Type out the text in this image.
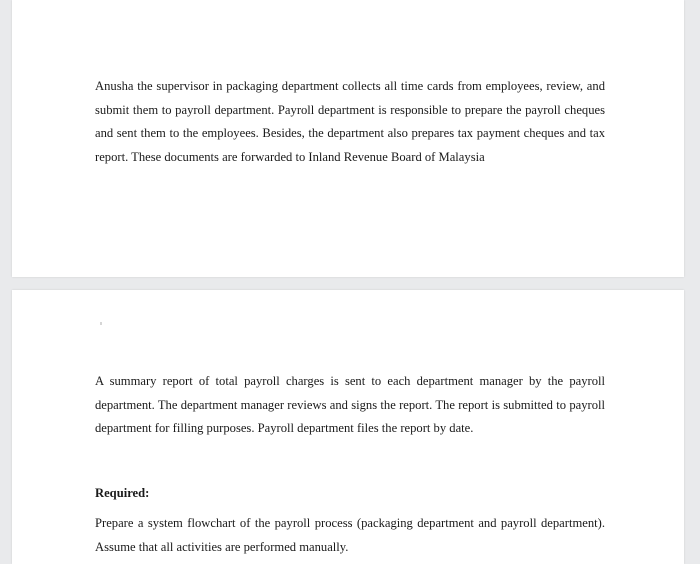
Anusha the supervisor in packaging department collects all time cards from employees, review, and submit them to payroll department. Payroll department is responsible to prepare the payroll cheques and sent them to the employees. Besides, the department also prepares tax payment cheques and tax report. These documents are forwarded to Inland Revenue Board of Malaysia

A summary report of total payroll charges is sent to each department manager by the payroll department. The department manager reviews and signs the report. The report is submitted to payroll department for filling purposes. Payroll department files the report by date.

Required:

Prepare a system flowchart of the payroll process (packaging department and payroll department). Assume that all activities are performed manually.
